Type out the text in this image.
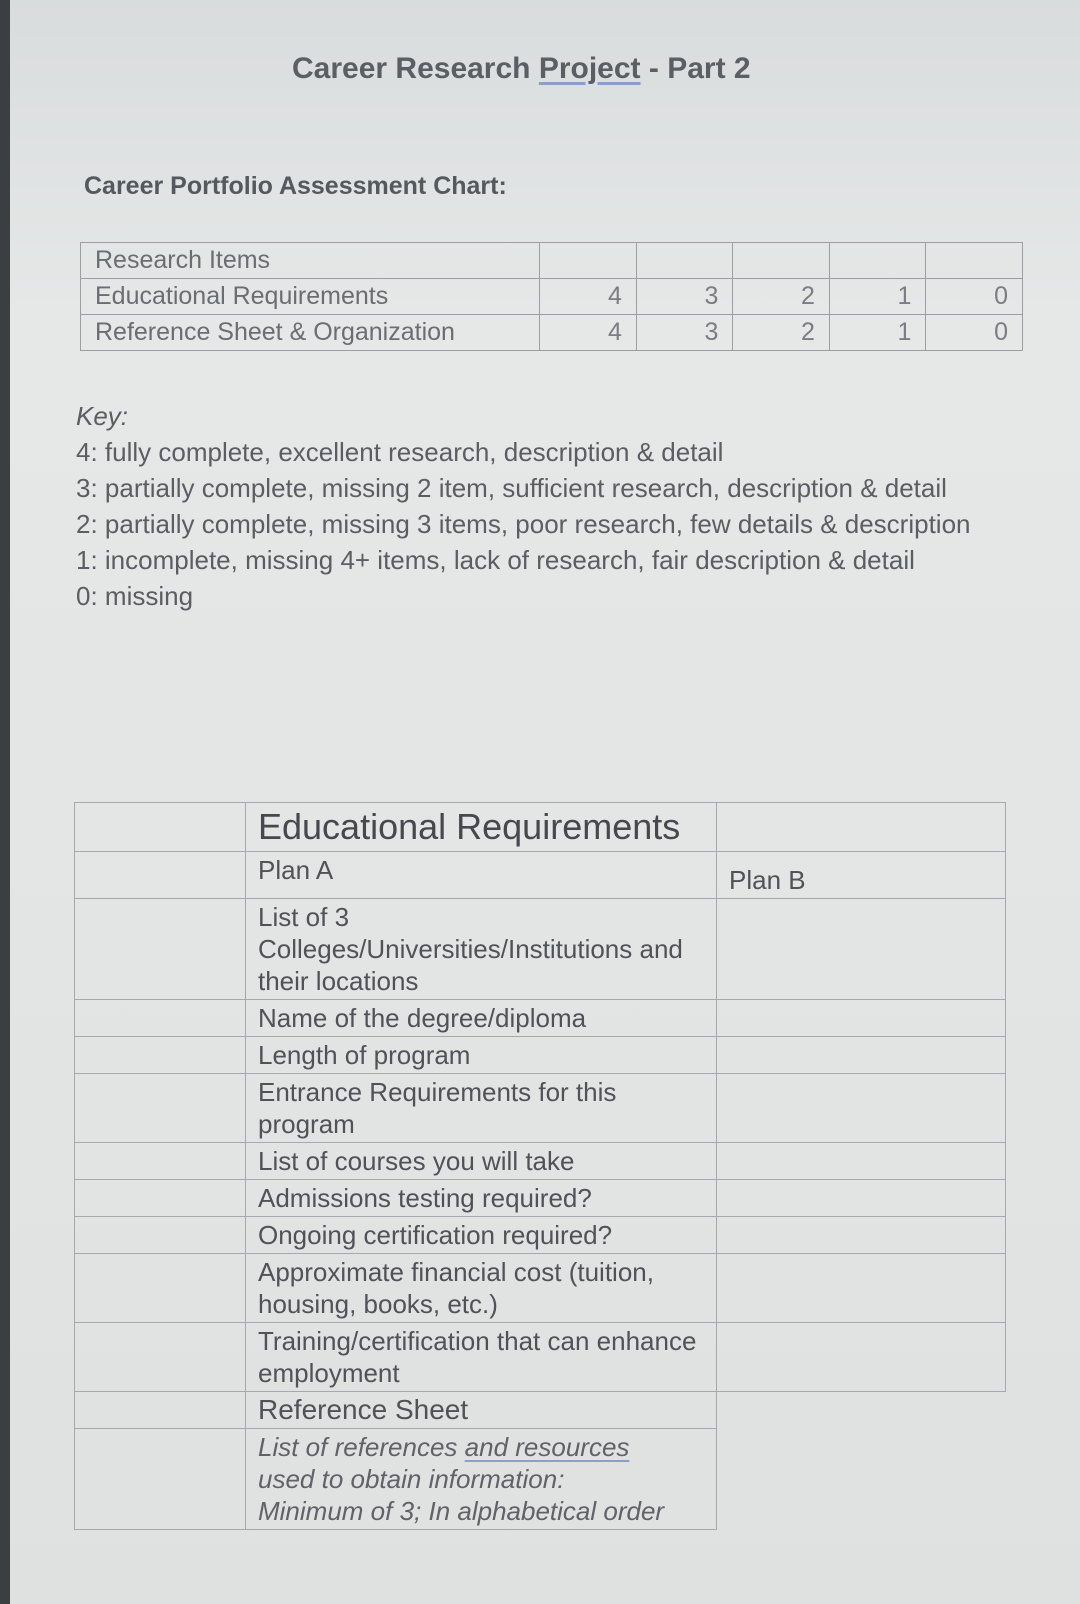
Career Research Project - Part 2
Career Portfolio Assessment Chart:
Research Items					
Educational Requirements	4	3	2	1	0
Reference Sheet & Organization	4	3	2	1	0

Key:

4: fully complete, excellent research, description & detail

3: partially complete, missing 2 item, sufficient research, description & detail

2: partially complete, missing 3 items, poor research, few details & description

1: incomplete, missing 4+ items, lack of research, fair description & detail

0: missing

	Educational Requirements	
	Plan A	Plan B
	List of 3 Colleges/Universities/Institutions and their locations	
	Name of the degree/diploma	
	Length of program	
	Entrance Requirements for this program	
	List of courses you will take	
	Admissions testing required?	
	Ongoing certification required?	
	Approximate financial cost (tuition, housing, books, etc.)	
	Training/certification that can enhance employment	
	Reference Sheet	
	List of references and resources
used to obtain information:
Minimum of 3; In alphabetical order	
